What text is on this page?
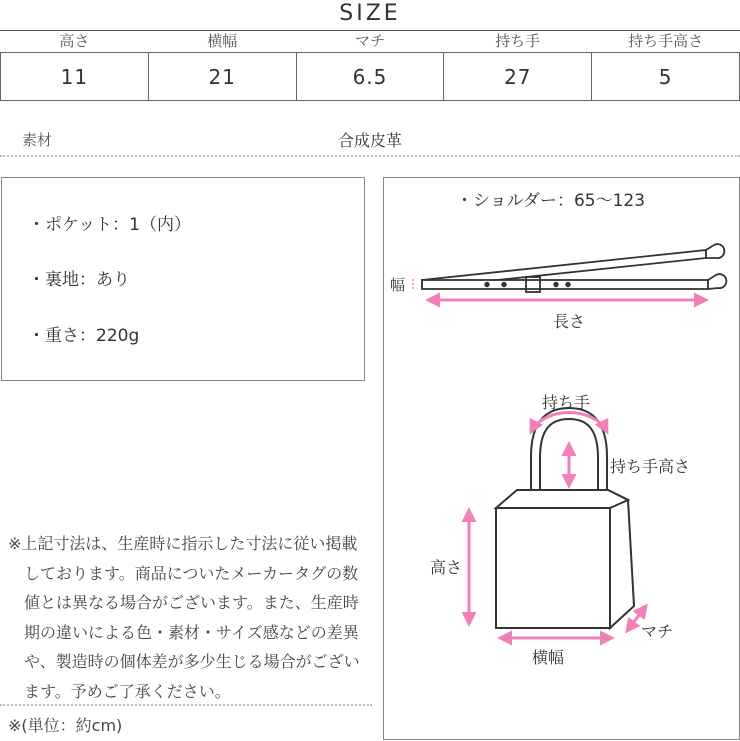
SIZE
高さ	横幅	マチ	持ち手	持ち手高さ
11	21	6.5	27	5
素材	合成皮革
・ポケット：1（内）
・裏地：あり
・重さ：220g
・ショルダー：65〜123
幅
長さ
持ち手
持ち手高さ
高さ
マチ
横幅
※上記寸法は、生産時に指示した寸法に従い掲載しております。商品についたメーカータグの数値とは異なる場合がございます。また、生産時期の違いによる色・素材・サイズ感などの差異や、製造時の個体差が多少生じる場合がございます。予めご了承ください。
※(単位：約cm)
